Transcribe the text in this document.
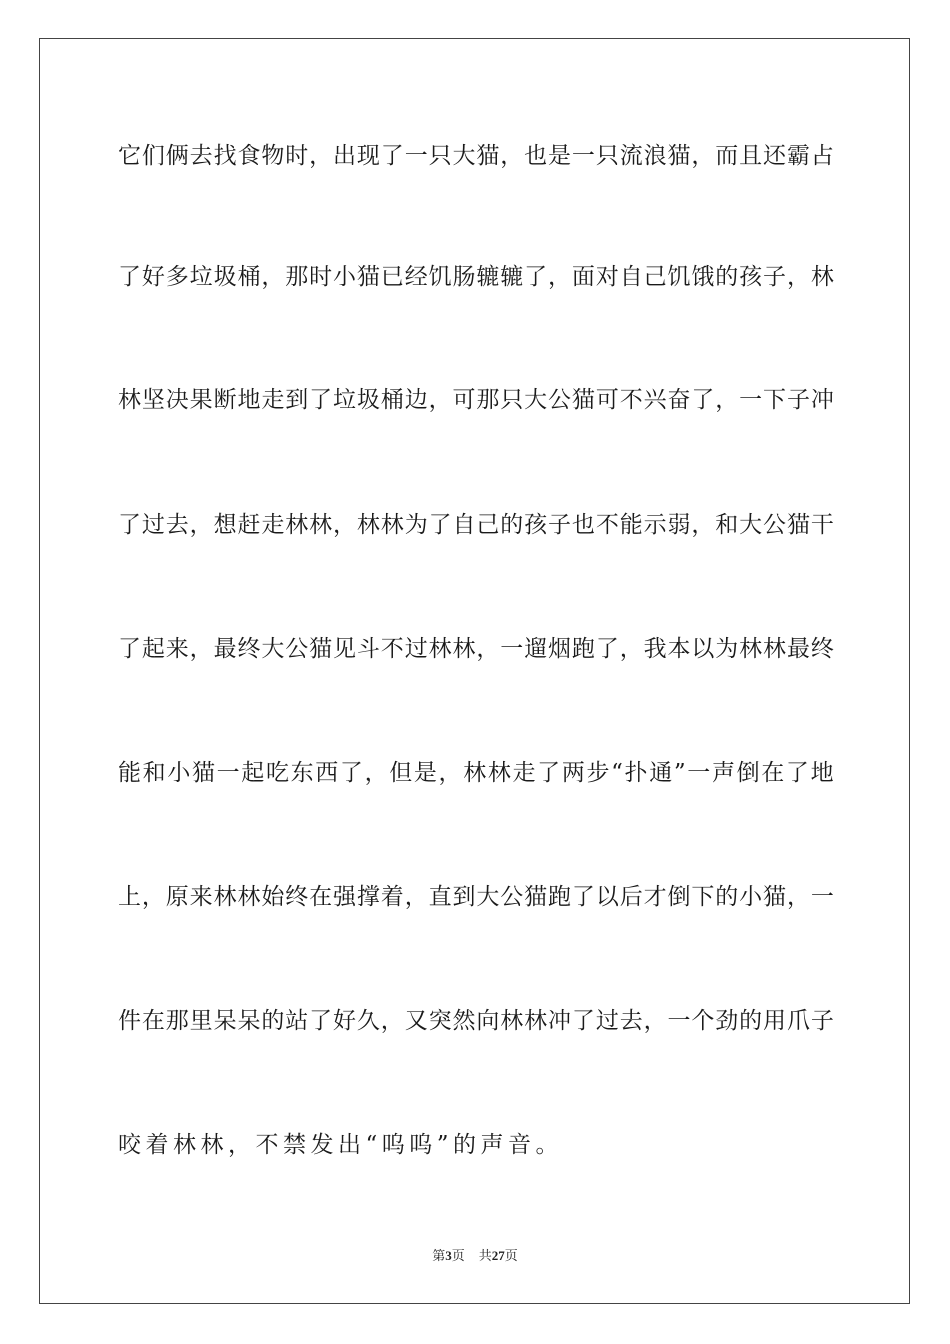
它 们 俩 去 找 食 物 时 ， 出 现 了 一 只 大 猫 ， 也 是 一 只 流 浪 猫 ， 而 且 还 霸 占
了 好 多 垃 圾 桶 ， 那 时 小 猫 已 经 饥 肠 辘 辘 了 ， 面 对 自 己 饥 饿 的 孩 子 ， 林
林 坚 决 果 断 地 走 到 了 垃 圾 桶 边 ， 可 那 只 大 公 猫 可 不 兴 奋 了 ， 一 下 子 冲
了 过 去 ， 想 赶 走 林 林 ， 林 林 为 了 自 己 的 孩 子 也 不 能 示 弱 ， 和 大 公 猫 干
了 起 来 ， 最 终 大 公 猫 见 斗 不 过 林 林 ， 一 遛 烟 跑 了 ， 我 本 以 为 林 林 最 终
能 和 小 猫 一 起 吃 东 西 了 ， 但 是 ， 林 林 走 了 两 步 “ 扑 通 ” 一 声 倒 在 了 地
上 ， 原 来 林 林 始 终 在 强 撑 着 ， 直 到 大 公 猫 跑 了 以 后 才 倒 下 的 小 猫 ， 一
件 在 那 里 呆 呆 的 站 了 好 久 ， 又 突 然 向 林 林 冲 了 过 去 ， 一 个 劲 的 用 爪 子
咬着林林，不禁发出“呜呜”的声音。
第3页 共27页
